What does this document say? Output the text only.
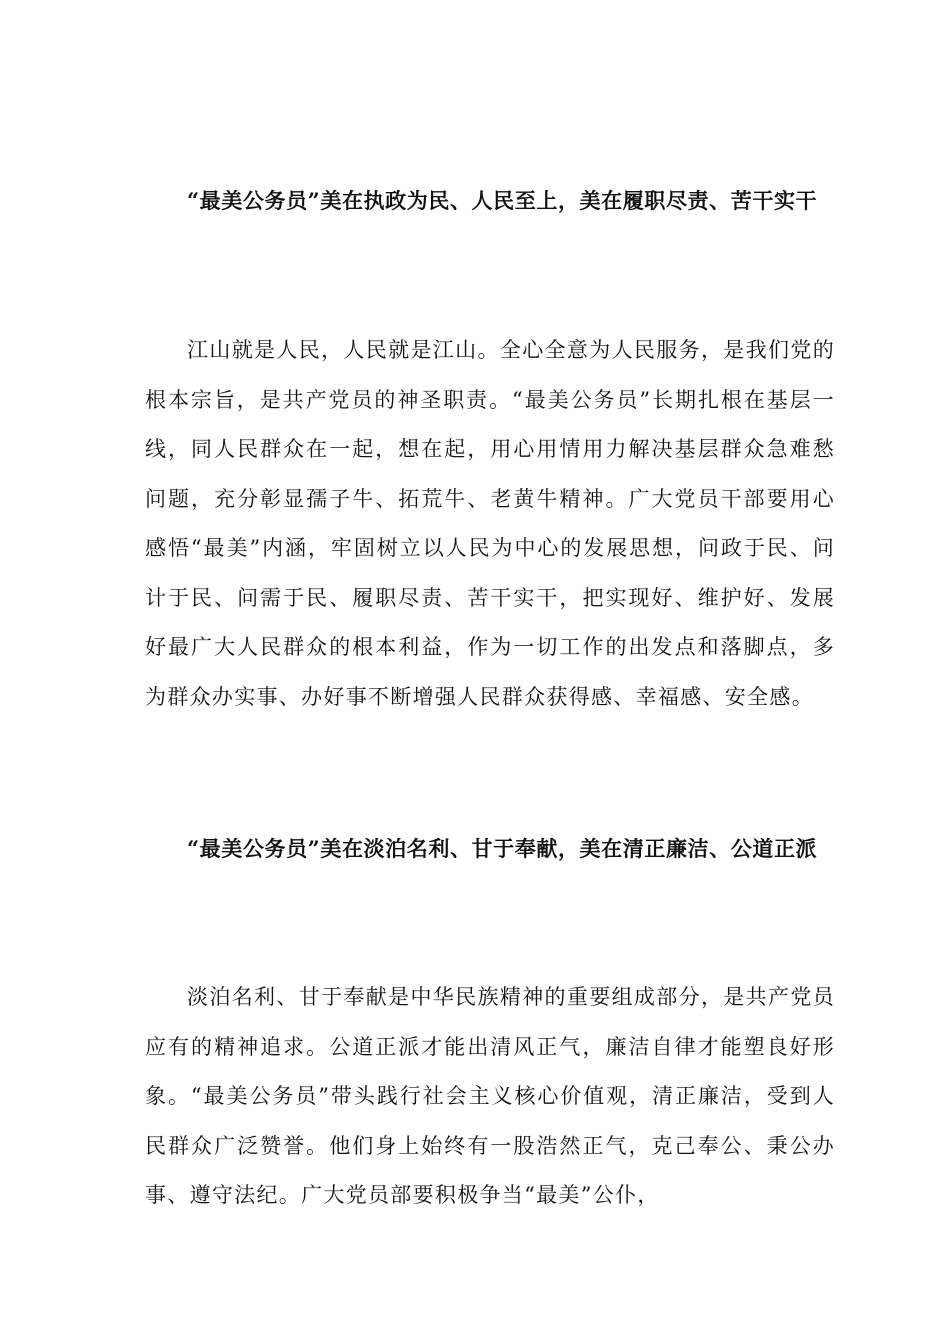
“最美公务员”美在执政为民、人民至上，美在履职尽责、苦干实干

江山就是人民，人民就是江山。全心全意为人民服务，是我们党的根本宗旨，是共产党员的神圣职责。“最美公务员”长期扎根在基层一线，同人民群众在一起，想在起，用心用情用力解决基层群众急难愁问题，充分彰显孺子牛、拓荒牛、老黄牛精神。广大党员干部要用心感悟“最美”内涵，牢固树立以人民为中心的发展思想，问政于民、问计于民、问需于民、履职尽责、苦干实干，把实现好、维护好、发展好最广大人民群众的根本利益，作为一切工作的出发点和落脚点，多为群众办实事、办好事不断增强人民群众获得感、幸福感、安全感。

“最美公务员”美在淡泊名利、甘于奉献，美在清正廉洁、公道正派

淡泊名利、甘于奉献是中华民族精神的重要组成部分，是共产党员应有的精神追求。公道正派才能出清风正气，廉洁自律才能塑良好形象。“最美公务员”带头践行社会主义核心价值观，清正廉洁，受到人民群众广泛赞誉。他们身上始终有一股浩然正气，克己奉公、秉公办事、遵守法纪。广大党员部要积极争当“最美”公仆，
